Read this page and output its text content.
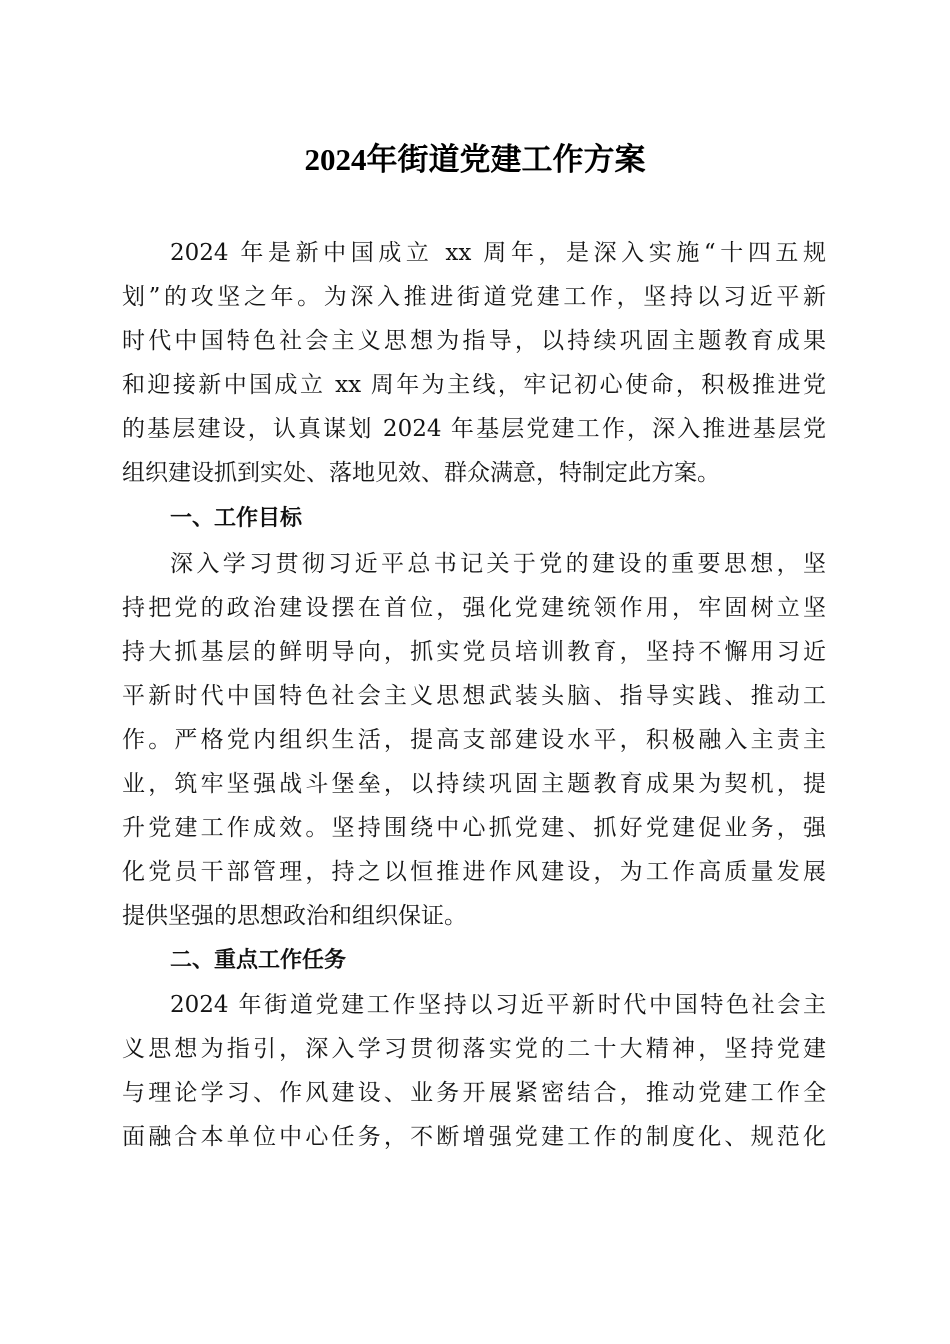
2024年街道党建工作方案
2024 年是新中国成立 xx 周年，是深入实施“十四五规
划”的攻坚之年。为深入推进街道党建工作，坚持以习近平新
时代中国特色社会主义思想为指导，以持续巩固主题教育成果
和迎接新中国成立 xx 周年为主线，牢记初心使命，积极推进党
的基层建设，认真谋划 2024 年基层党建工作，深入推进基层党
组织建设抓到实处、落地见效、群众满意，特制定此方案。
一、工作目标
深入学习贯彻习近平总书记关于党的建设的重要思想，坚
持把党的政治建设摆在首位，强化党建统领作用，牢固树立坚
持大抓基层的鲜明导向，抓实党员培训教育，坚持不懈用习近
平新时代中国特色社会主义思想武装头脑、指导实践、推动工
作。严格党内组织生活，提高支部建设水平，积极融入主责主
业，筑牢坚强战斗堡垒，以持续巩固主题教育成果为契机，提
升党建工作成效。坚持围绕中心抓党建、抓好党建促业务，强
化党员干部管理，持之以恒推进作风建设，为工作高质量发展
提供坚强的思想政治和组织保证。
二、重点工作任务
2024 年街道党建工作坚持以习近平新时代中国特色社会主
义思想为指引，深入学习贯彻落实党的二十大精神，坚持党建
与理论学习、作风建设、业务开展紧密结合，推动党建工作全
面融合本单位中心任务，不断增强党建工作的制度化、规范化
